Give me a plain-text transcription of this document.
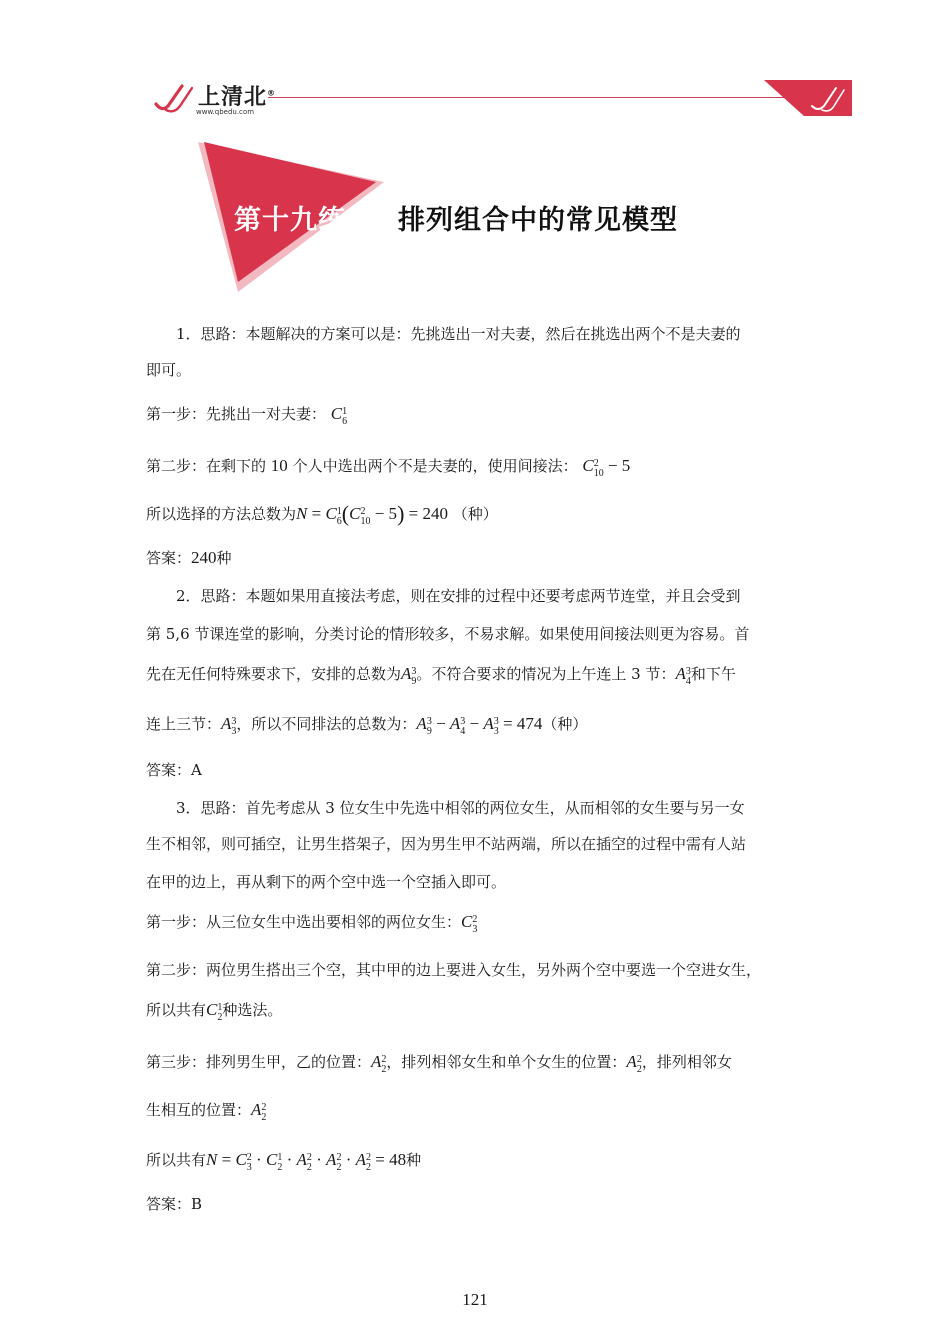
上清北®
www.qbedu.com
第十九练 排列组合中的常见模型
1．思路：本题解决的方案可以是：先挑选出一对夫妻，然后在挑选出两个不是夫妻的
即可。
第一步：先挑出一对夫妻： C 1
6
第二步：在剩下的 10 个人中选出两个不是夫妻的，使用间接法： C 2
10 − 5
所以选择的方法总数为N = C 1
6 (C 2
10 − 5) = 240 （种）
答案：240种
2．思路：本题如果用直接法考虑，则在安排的过程中还要考虑两节连堂，并且会受到
第 5,6 节课连堂的影响，分类讨论的情形较多，不易求解。如果使用间接法则更为容易。首
先在无任何特殊要求下，安排的总数为A 3
9 。不符合要求的情况为上午连上 3 节：A 3
4 和下午
连上三节：A 3
3 ，所以不同排法的总数为：A 3
9 − A 3
4 − A 3
3 = 474（种）
答案：A
3．思路：首先考虑从 3 位女生中先选中相邻的两位女生，从而相邻的女生要与另一女
生不相邻，则可插空，让男生搭架子，因为男生甲不站两端，所以在插空的过程中需有人站
在甲的边上，再从剩下的两个空中选一个空插入即可。
第一步：从三位女生中选出要相邻的两位女生：C 2
3
第二步：两位男生搭出三个空，其中甲的边上要进入女生，另外两个空中要选一个空进女生，
所以共有C 1
2 种选法。
第三步：排列男生甲，乙的位置：A 2
2 ，排列相邻女生和单个女生的位置：A 2
2 ，排列相邻女
生相互的位置：A 2
2
所以共有N = C 2
3 · C 1
2 · A 2
2 · A 2
2 · A 2
2 = 48种
答案：B
121
